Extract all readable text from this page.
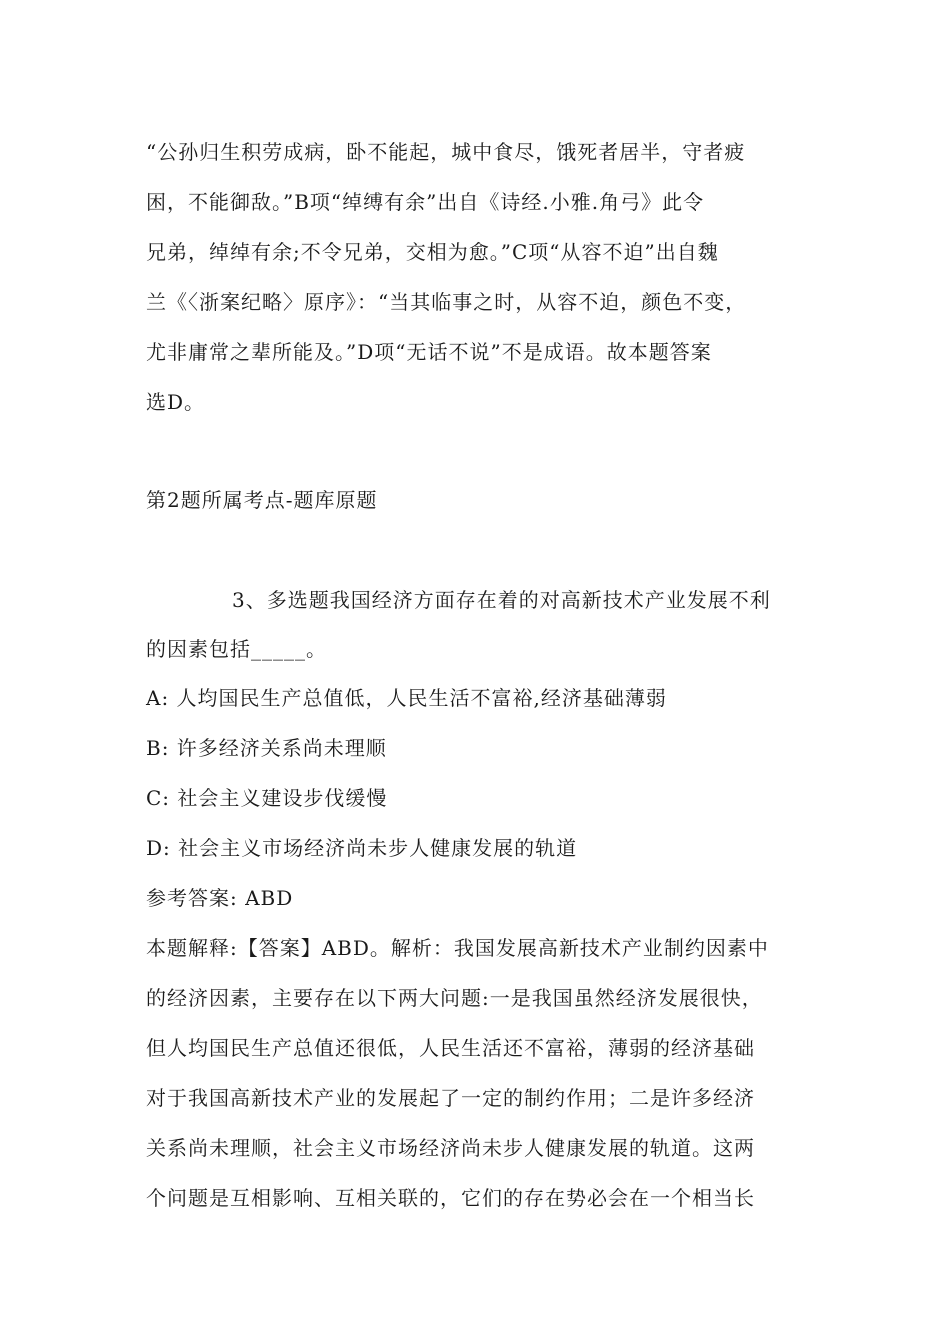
“公孙归生积劳成病，卧不能起，城中食尽，饿死者居半，守者疲
困，不能御敌。”B项“绰缚有余”出自《诗经.小雅.角弓》此令
兄弟，绰绰有余;不令兄弟，交相为愈。”C项“从容不迫”出自魏
兰《〈浙案纪略〉原序》：“当其临事之时，从容不迫，颜色不变，
尤非庸常之辈所能及。”D项“无话不说”不是成语。故本题答案
选D。
第2题所属考点-题库原题
3、多选题我国经济方面存在着的对高新技术产业发展不利
的因素包括_____。
A: 人均国民生产总值低，人民生活不富裕,经济基础薄弱
B: 许多经济关系尚未理顺
C: 社会主义建设步伐缓慢
D: 社会主义市场经济尚未步人健康发展的轨道
参考答案: ABD
本题解释:【答案】ABD。解析：我国发展高新技术产业制约因素中
的经济因素，主要存在以下两大问题:一是我国虽然经济发展很快，
但人均国民生产总值还很低，人民生活还不富裕，薄弱的经济基础
对于我国高新技术产业的发展起了一定的制约作用；二是许多经济
关系尚未理顺，社会主义市场经济尚未步人健康发展的轨道。这两
个问题是互相影响、互相关联的，它们的存在势必会在一个相当长
